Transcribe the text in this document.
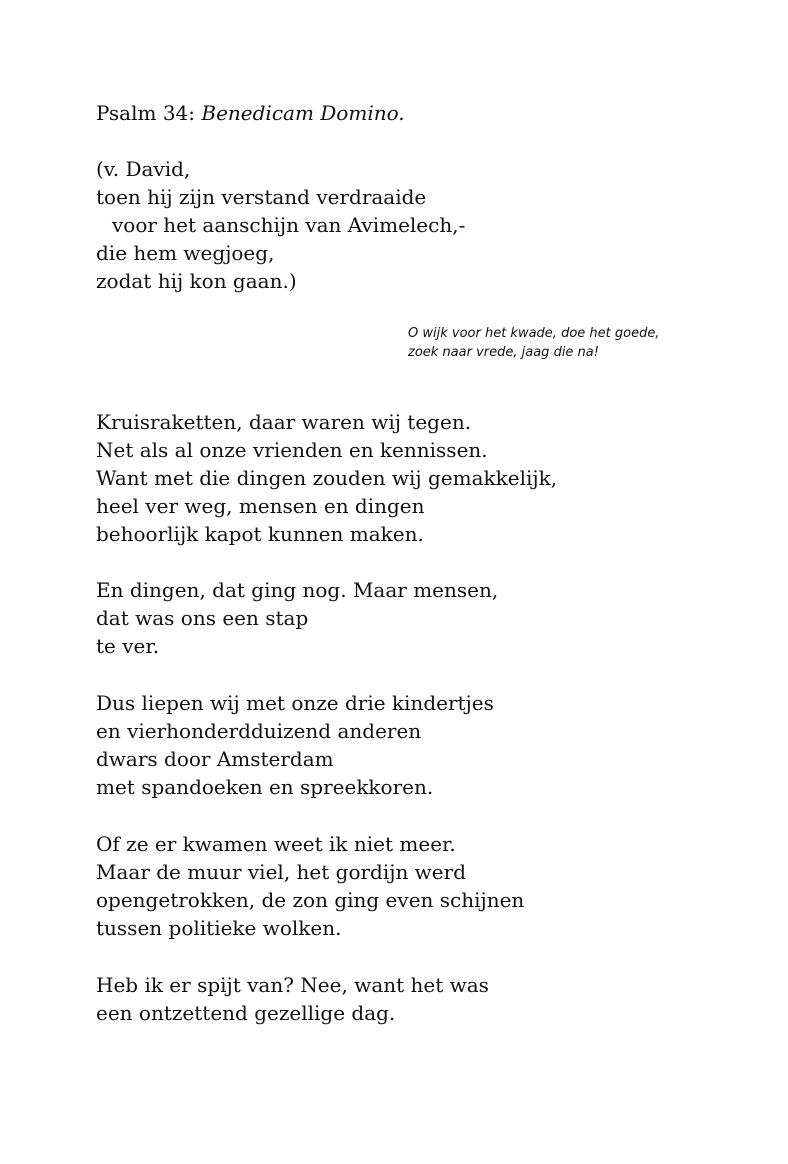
Psalm 34: Benedicam Domino.
(v. David,
toen hij zijn verstand verdraaide
voor het aanschijn van Avimelech,-
die hem wegjoeg,
zodat hij kon gaan.)
O wijk voor het kwade, doe het goede,
zoek naar vrede, jaag die na!
Kruisraketten, daar waren wij tegen.
Net als al onze vrienden en kennissen.
Want met die dingen zouden wij gemakkelijk,
heel ver weg, mensen en dingen
behoorlijk kapot kunnen maken.
En dingen, dat ging nog. Maar mensen,
dat was ons een stap
te ver.
Dus liepen wij met onze drie kindertjes
en vierhonderdduizend anderen
dwars door Amsterdam
met spandoeken en spreekkoren.
Of ze er kwamen weet ik niet meer.
Maar de muur viel, het gordijn werd
opengetrokken, de zon ging even schijnen
tussen politieke wolken.
Heb ik er spijt van? Nee, want het was
een ontzettend gezellige dag.
